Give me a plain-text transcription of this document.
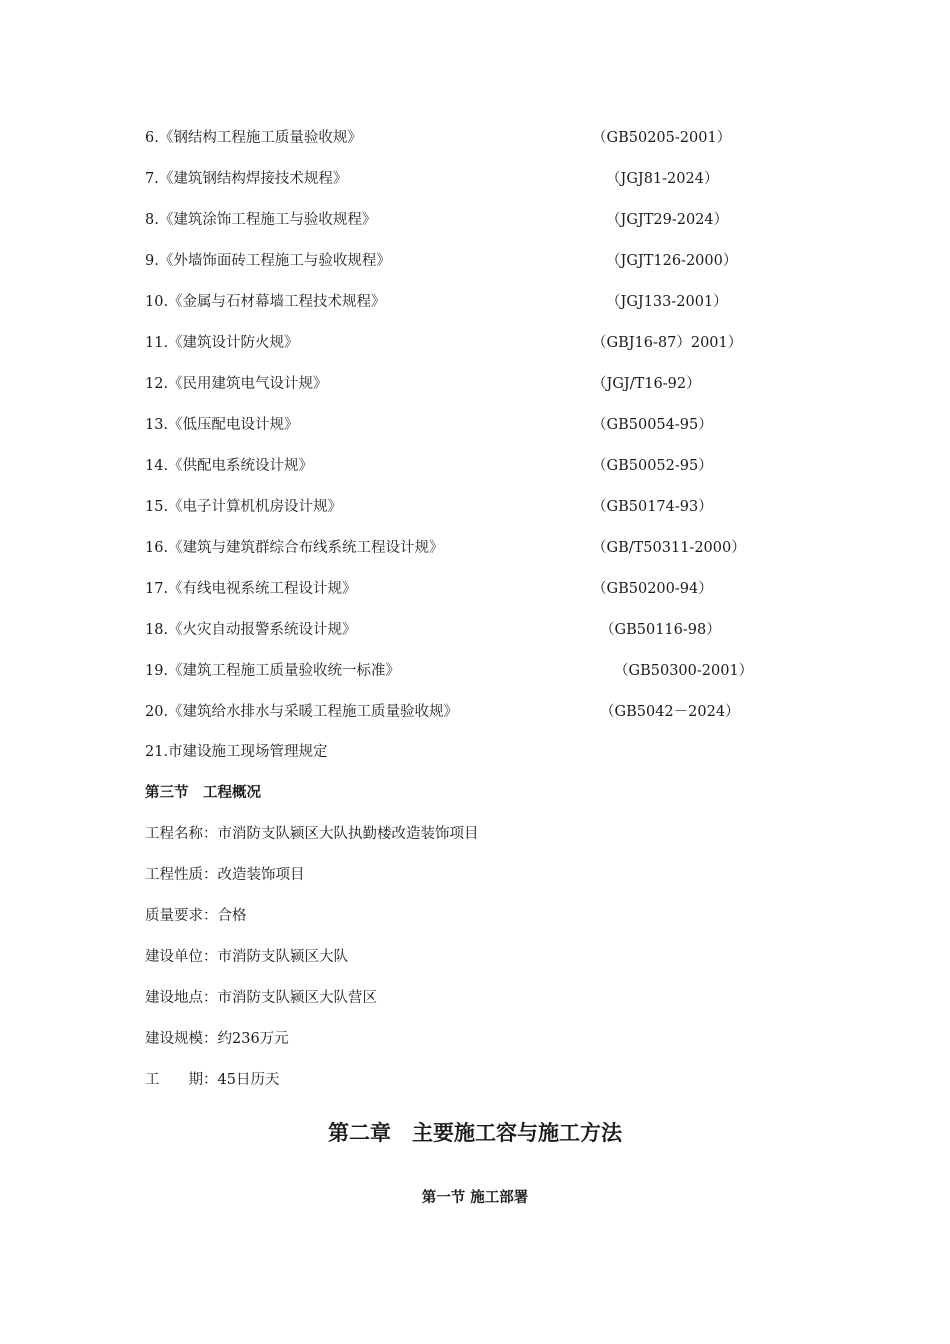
6.《钢结构工程施工质量验收规》	（GB50205-2001）
7.《建筑钢结构焊接技术规程》	（JGJ81-2024）
8.《建筑涂饰工程施工与验收规程》	（JGJT29-2024）
9.《外墙饰面砖工程施工与验收规程》	（JGJT126-2000）
10.《金属与石材幕墙工程技术规程》	（JGJ133-2001）
11.《建筑设计防火规》	（GBJ16-87）2001）
12.《民用建筑电气设计规》	（JGJ/T16-92）
13.《低压配电设计规》	（GB50054-95）
14.《供配电系统设计规》	（GB50052-95）
15.《电子计算机机房设计规》	（GB50174-93）
16.《建筑与建筑群综合布线系统工程设计规》	（GB/T50311-2000）
17.《有线电视系统工程设计规》	（GB50200-94）
18.《火灾自动报警系统设计规》	（GB50116-98）
19.《建筑工程施工质量验收统一标准》	（GB50300-2001）
20.《建筑给水排水与采暖工程施工质量验收规》	（GB5042－2024）
21.市建设施工现场管理规定
第三节　工程概况
工程名称：市消防支队颍区大队执勤楼改造装饰项目
工程性质：改造装饰项目
质量要求：合格
建设单位：市消防支队颍区大队
建设地点：市消防支队颍区大队营区
建设规模：约236万元
工　　期：45日历天
第二章　主要施工容与施工方法
第一节 施工部署
